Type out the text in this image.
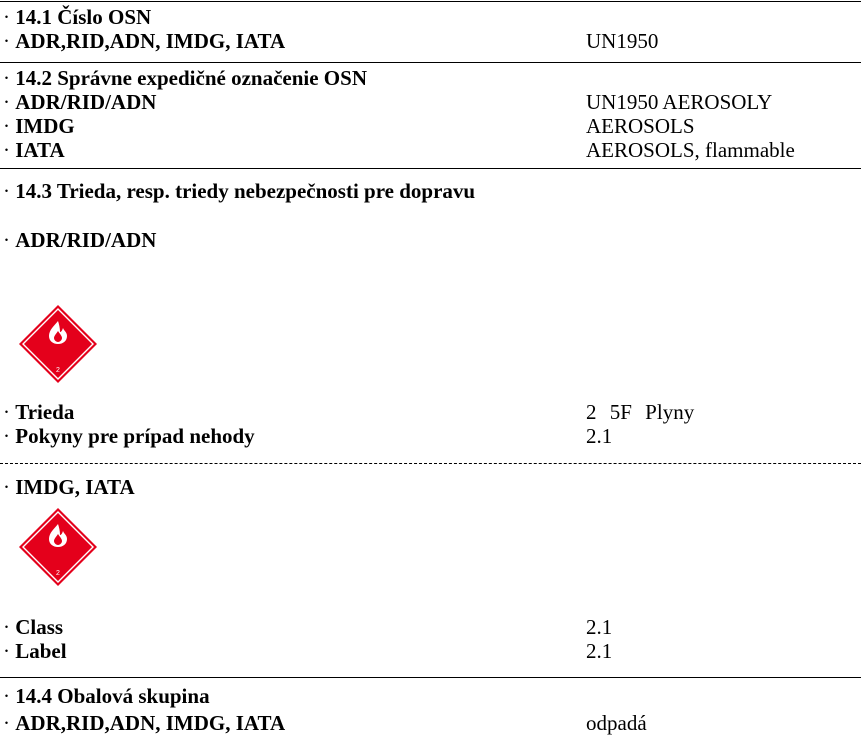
· 14.1 Číslo OSN
· ADR,RID,ADN, IMDG, IATA	UN1950
· 14.2 Správne expedičné označenie OSN
· ADR/RID/ADN	UN1950 AEROSOLY
· IMDG	AEROSOLS
· IATA	AEROSOLS, flammable
· 14.3 Trieda, resp. triedy nebezpečnosti pre dopravu
· ADR/RID/ADN
2
· Trieda	2 5F Plyny
· Pokyny pre prípad nehody	2.1
· IMDG, IATA
2
· Class	2.1
· Label	2.1
· 14.4 Obalová skupina
· ADR,RID,ADN, IMDG, IATA	odpadá
